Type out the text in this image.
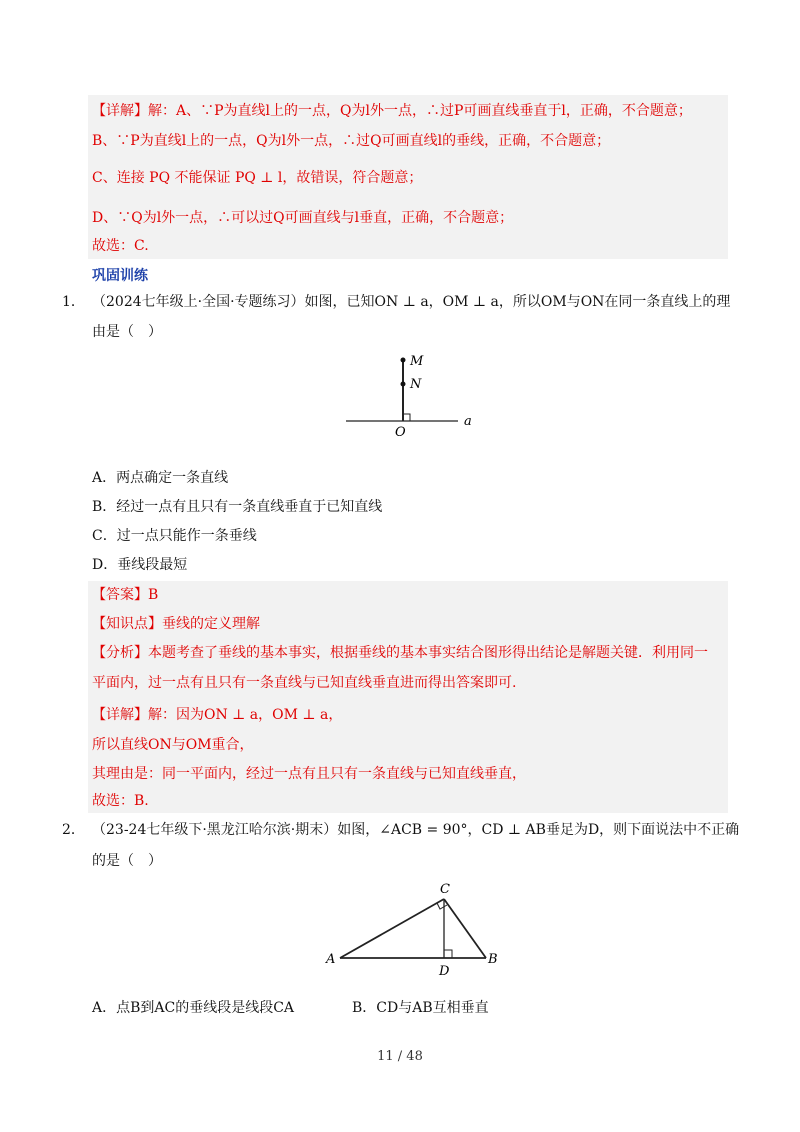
【详解】解：A、∵P为直线l上的一点，Q为l外一点，∴过P可画直线垂直于l，正确，不合题意；
B、∵P为直线l上的一点，Q为l外一点，∴过Q可画直线l的垂线，正确，不合题意；
C、连接 PQ 不能保证 PQ ⊥ l，故错误，符合题意；
D、∵Q为l外一点，∴可以过Q可画直线与l垂直，正确，不合题意；
故选：C.
巩固训练
1． （2024七年级上·全国·专题练习）如图，已知ON ⊥ a，OM ⊥ a，所以OM与ON在同一条直线上的理
由是（　）
M
N
O
a
A．两点确定一条直线
B．经过一点有且只有一条直线垂直于已知直线
C．过一点只能作一条垂线
D．垂线段最短
【答案】B
【知识点】垂线的定义理解
【分析】本题考查了垂线的基本事实，根据垂线的基本事实结合图形得出结论是解题关键．利用同一
平面内，过一点有且只有一条直线与已知直线垂直进而得出答案即可.
【详解】解：因为ON ⊥ a，OM ⊥ a，
所以直线ON与OM重合，
其理由是：同一平面内，经过一点有且只有一条直线与已知直线垂直，
故选：B.
2． （23-24七年级下·黑龙江哈尔滨·期末）如图，∠ACB = 90°，CD ⊥ AB垂足为D，则下面说法中不正确
的是（　）
C
A	B
D
A．点B到AC的垂线段是线段CA	B．CD与AB互相垂直
11 / 48
